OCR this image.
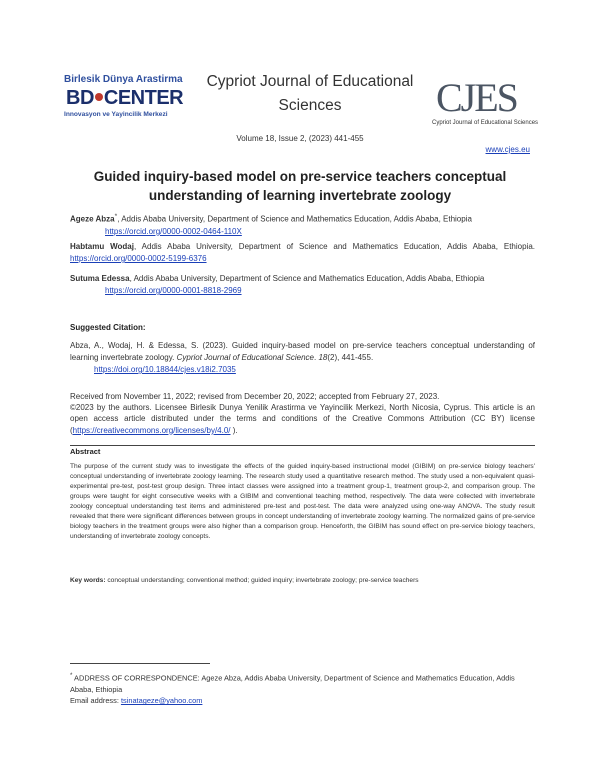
Birlesik Dünya Arastirma
BD CENTER
Innovasyon ve Yayincilik Merkezi
Cypriot Journal of Educational Sciences	CJES
Cypriot Journal of Educational Sciences
Volume 18, Issue 2, (2023) 441-455
www.cjes.eu
Guided inquiry-based model on pre-service teachers conceptual understanding of learning invertebrate zoology
Ageze Abza*, Addis Ababa University, Department of Science and Mathematics Education, Addis Ababa, Ethiopia
https://orcid.org/0000-0002-0464-110X
Habtamu Wodaj, Addis Ababa University, Department of Science and Mathematics Education, Addis Ababa, Ethiopia. https://orcid.org/0000-0002-5199-6376
Sutuma Edessa, Addis Ababa University, Department of Science and Mathematics Education, Addis Ababa, Ethiopia
https://orcid.org/0000-0001-8818-2969
Suggested Citation:
Abza, A., Wodaj, H. & Edessa, S. (2023). Guided inquiry-based model on pre-service teachers conceptual understanding of learning invertebrate zoology. Cypriot Journal of Educational Science. 18(2), 441-455.
https://doi.org/10.18844/cjes.v18i2.7035
Received from November 11, 2022; revised from December 20, 2022; accepted from February 27, 2023.
©2023 by the authors. Licensee Birlesik Dunya Yenilik Arastirma ve Yayincilik Merkezi, North Nicosia, Cyprus. This article is an open access article distributed under the terms and conditions of the Creative Commons Attribution (CC BY) license (https://creativecommons.org/licenses/by/4.0/ ).
Abstract
The purpose of the current study was to investigate the effects of the guided inquiry-based instructional model (GIBIM) on pre-service biology teachers' conceptual understanding of invertebrate zoology learning. The research study used a quantitative research method. The study used a non-equivalent quasi-experimental pre-test, post-test group design. Three intact classes were assigned into a treatment group-1, treatment group-2, and comparison group. The groups were taught for eight consecutive weeks with a GIBIM and conventional teaching method, respectively. The data were collected with invertebrate zoology conceptual understanding test items and administered pre-test and post-test. The data were analyzed using one-way ANOVA. The study result revealed that there were significant differences between groups in concept understanding of invertebrate zoology learning. The normalized gains of pre-service biology teachers in the treatment groups were also higher than a comparison group. Henceforth, the GIBIM has sound effect on pre-service biology teachers, understanding of invertebrate zoology concepts.
Key words: conceptual understanding; conventional method; guided inquiry; invertebrate zoology; pre-service teachers
* ADDRESS OF CORRESPONDENCE: Ageze Abza, Addis Ababa University, Department of Science and Mathematics Education, Addis Ababa, Ethiopia
Email address: tsinatageze@yahoo.com
